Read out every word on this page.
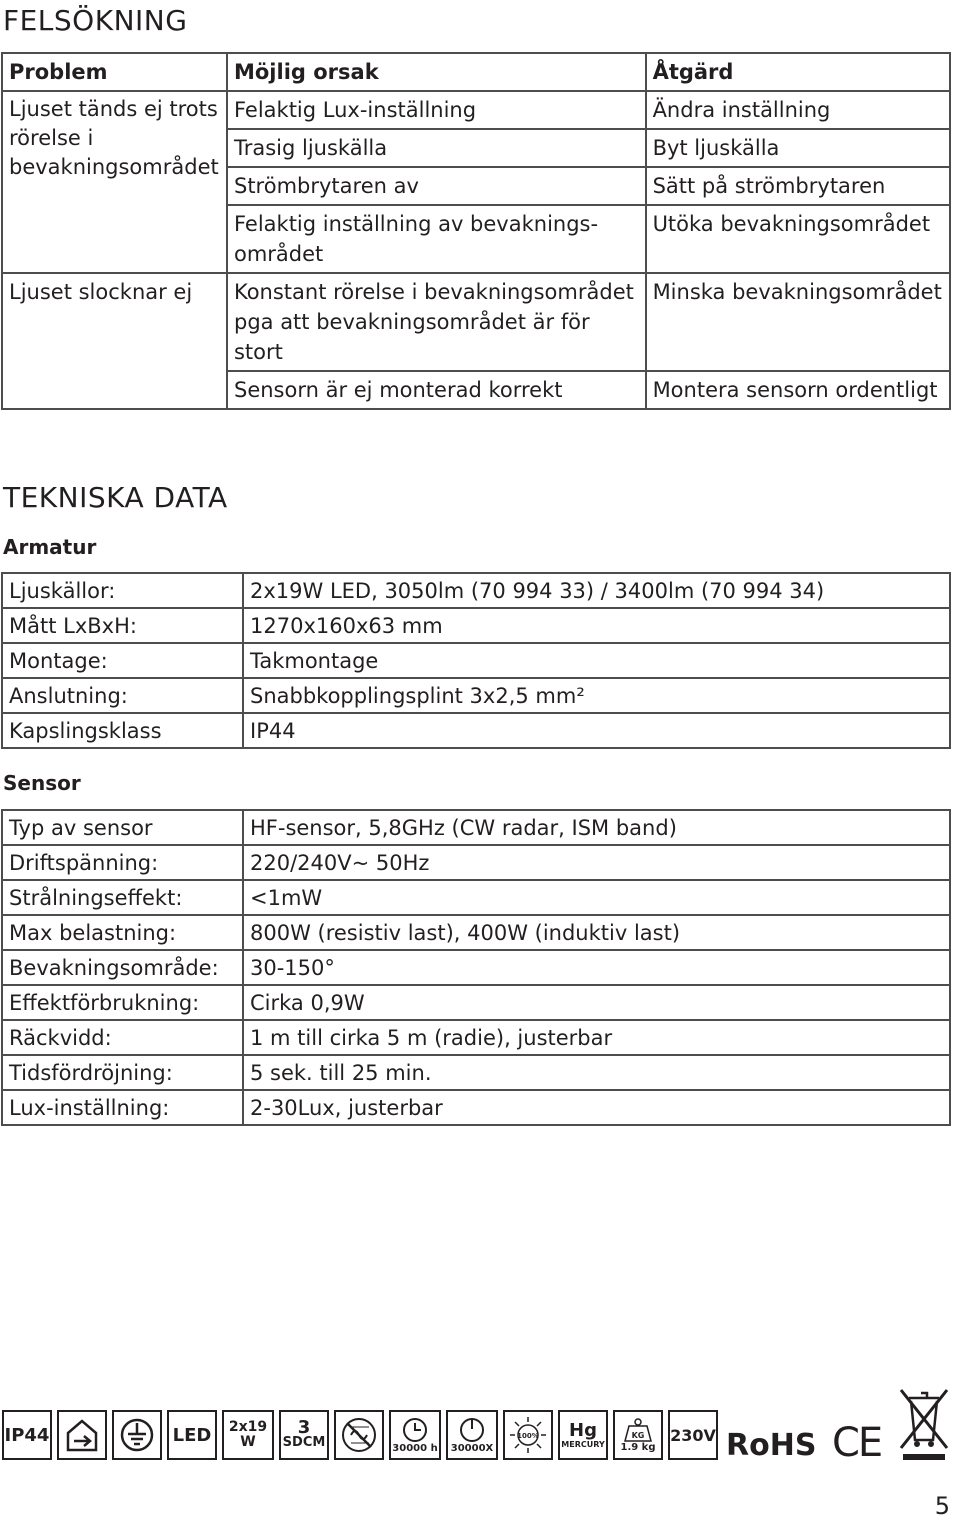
FELSÖKNING
Problem	Möjlig orsak	Åtgärd
Ljuset tänds ej trots rörelse i bevakningsområdet	Felaktig Lux-inställning	Ändra inställning
	Trasig ljuskälla	Byt ljuskälla
	Strömbrytaren av	Sätt på strömbrytaren
	Felaktig inställning av bevaknings-området	Utöka bevakningsområdet
Ljuset slocknar ej	Konstant rörelse i bevakningsområdet pga att bevakningsområdet är för stort	Minska bevakningsområdet
	Sensorn är ej monterad korrekt	Montera sensorn ordentligt
TEKNISKA DATA
Armatur
Ljuskällor:	2x19W LED, 3050lm (70 994 33) / 3400lm (70 994 34)
Mått LxBxH:	1270x160x63 mm
Montage:	Takmontage
Anslutning:	Snabbkopplingsplint 3x2,5 mm²
Kapslingsklass	IP44
Sensor
Typ av sensor	HF-sensor, 5,8GHz (CW radar, ISM band)
Driftspänning:	220/240V~ 50Hz
Strålningseffekt:	<1mW
Max belastning:	800W (resistiv last), 400W (induktiv last)
Bevakningsområde:	30-150°
Effektförbrukning:	Cirka 0,9W
Räckvidd:	1 m till cirka 5 m (radie), justerbar
Tidsfördröjning:	5 sek. till 25 min.
Lux-inställning:	2-30Lux, justerbar
IP44	LED 2x19
W
3
SDCM	30000 h 30000X
100% Hg
MERCURY
KG
1.9 kg
230V RoHS CE
5
